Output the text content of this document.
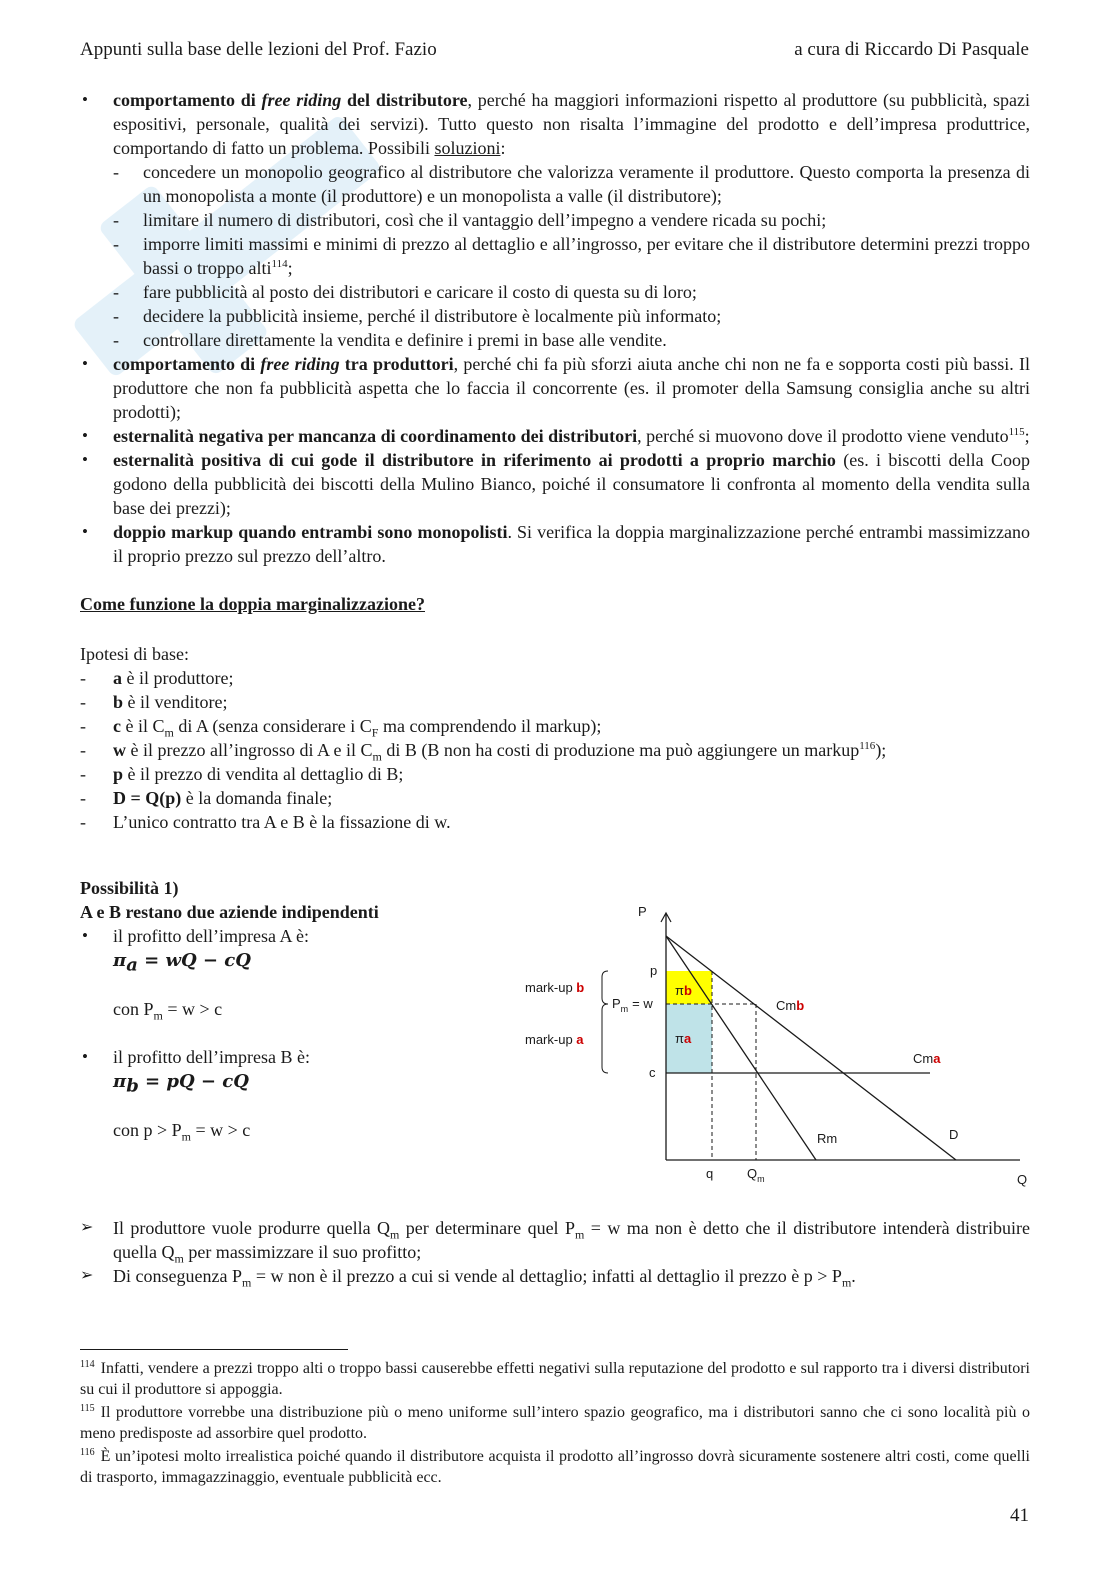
Appunti sulla base delle lezioni del Prof. Fazio	a cura di Riccardo Di Pasquale
• comportamento di free riding del distributore, perché ha maggiori informazioni rispetto al produttore (su pubblicità, spazi espositivi, personale, qualità dei servizi). Tutto questo non risalta l’immagine del prodotto e dell’impresa produttrice, comportando di fatto un problema. Possibili soluzioni:
- concedere un monopolio geografico al distributore che valorizza veramente il produttore. Questo comporta la presenza di un monopolista a monte (il produttore) e un monopolista a valle (il distributore);
- limitare il numero di distributori, così che il vantaggio dell’impegno a vendere ricada su pochi;
- imporre limiti massimi e minimi di prezzo al dettaglio e all’ingrosso, per evitare che il distributore determini prezzi troppo bassi o troppo alti$^{114}$;
- fare pubblicità al posto dei distributori e caricare il costo di questa su di loro;
- decidere la pubblicità insieme, perché il distributore è localmente più informato;
- controllare direttamente la vendita e definire i premi in base alle vendite.
• comportamento di free riding tra produttori, perché chi fa più sforzi aiuta anche chi non ne fa e sopporta costi più bassi. Il produttore che non fa pubblicità aspetta che lo faccia il concorrente (es. il promoter della Samsung consiglia anche su altri prodotti);
• esternalità negativa per mancanza di coordinamento dei distributori, perché si muovono dove il prodotto viene venduto$^{115}$;
• esternalità positiva di cui gode il distributore in riferimento ai prodotti a proprio marchio (es. i biscotti della Coop godono della pubblicità dei biscotti della Mulino Bianco, poiché il consumatore li confronta al momento della vendita sulla base dei prezzi);
• doppio markup quando entrambi sono monopolisti. Si verifica la doppia marginalizzazione perché entrambi massimizzano il proprio prezzo sul prezzo dell’altro.
Come funzione la doppia marginalizzazione?
Ipotesi di base:
- a è il produttore;
- b è il venditore;
- c è il $C_m$ di A (senza considerare i $C_F$ ma comprendendo il markup);
- w è il prezzo all’ingrosso di A e il $C_m$ di B (B non ha costi di produzione ma può aggiungere un markup$^{116}$);
- p è il prezzo di vendita al dettaglio di B;
- D = Q(p) è la domanda finale;
- L’unico contratto tra A e B è la fissazione di w.
Possibilità 1)
A e B restano due aziende indipendenti
• il profitto dell’impresa A è:
$\pi_a$ = wQ − cQ
con $P_m = w > c$
• il profitto dell’impresa B è:
$\pi_b$ = pQ − cQ
con $p > P_m = w > c$
P
Q
p
$P_m = w$
c
q	$Q_m$
mark-up b
mark-up a
πb
πa
Cmb
Cma
Rm	D
➢ Il produttore vuole produrre quella $Q_m$ per determinare quel $P_m = w$ ma non è detto che il distributore intenderà distribuire quella $Q_m$ per massimizzare il suo profitto;
➢ Di conseguenza $P_m = w$ non è il prezzo a cui si vende al dettaglio; infatti al dettaglio il prezzo è $p > P_m$.
$^{114}$ Infatti, vendere a prezzi troppo alti o troppo bassi causerebbe effetti negativi sulla reputazione del prodotto e sul rapporto tra i diversi distributori su cui il produttore si appoggia.
$^{115}$ Il produttore vorrebbe una distribuzione più o meno uniforme sull’intero spazio geografico, ma i distributori sanno che ci sono località più o meno predisposte ad assorbire quel prodotto.
$^{116}$ È un’ipotesi molto irrealistica poiché quando il distributore acquista il prodotto all’ingrosso dovrà sicuramente sostenere altri costi, come quelli di trasporto, immagazzinaggio, eventuale pubblicità ecc.
41
